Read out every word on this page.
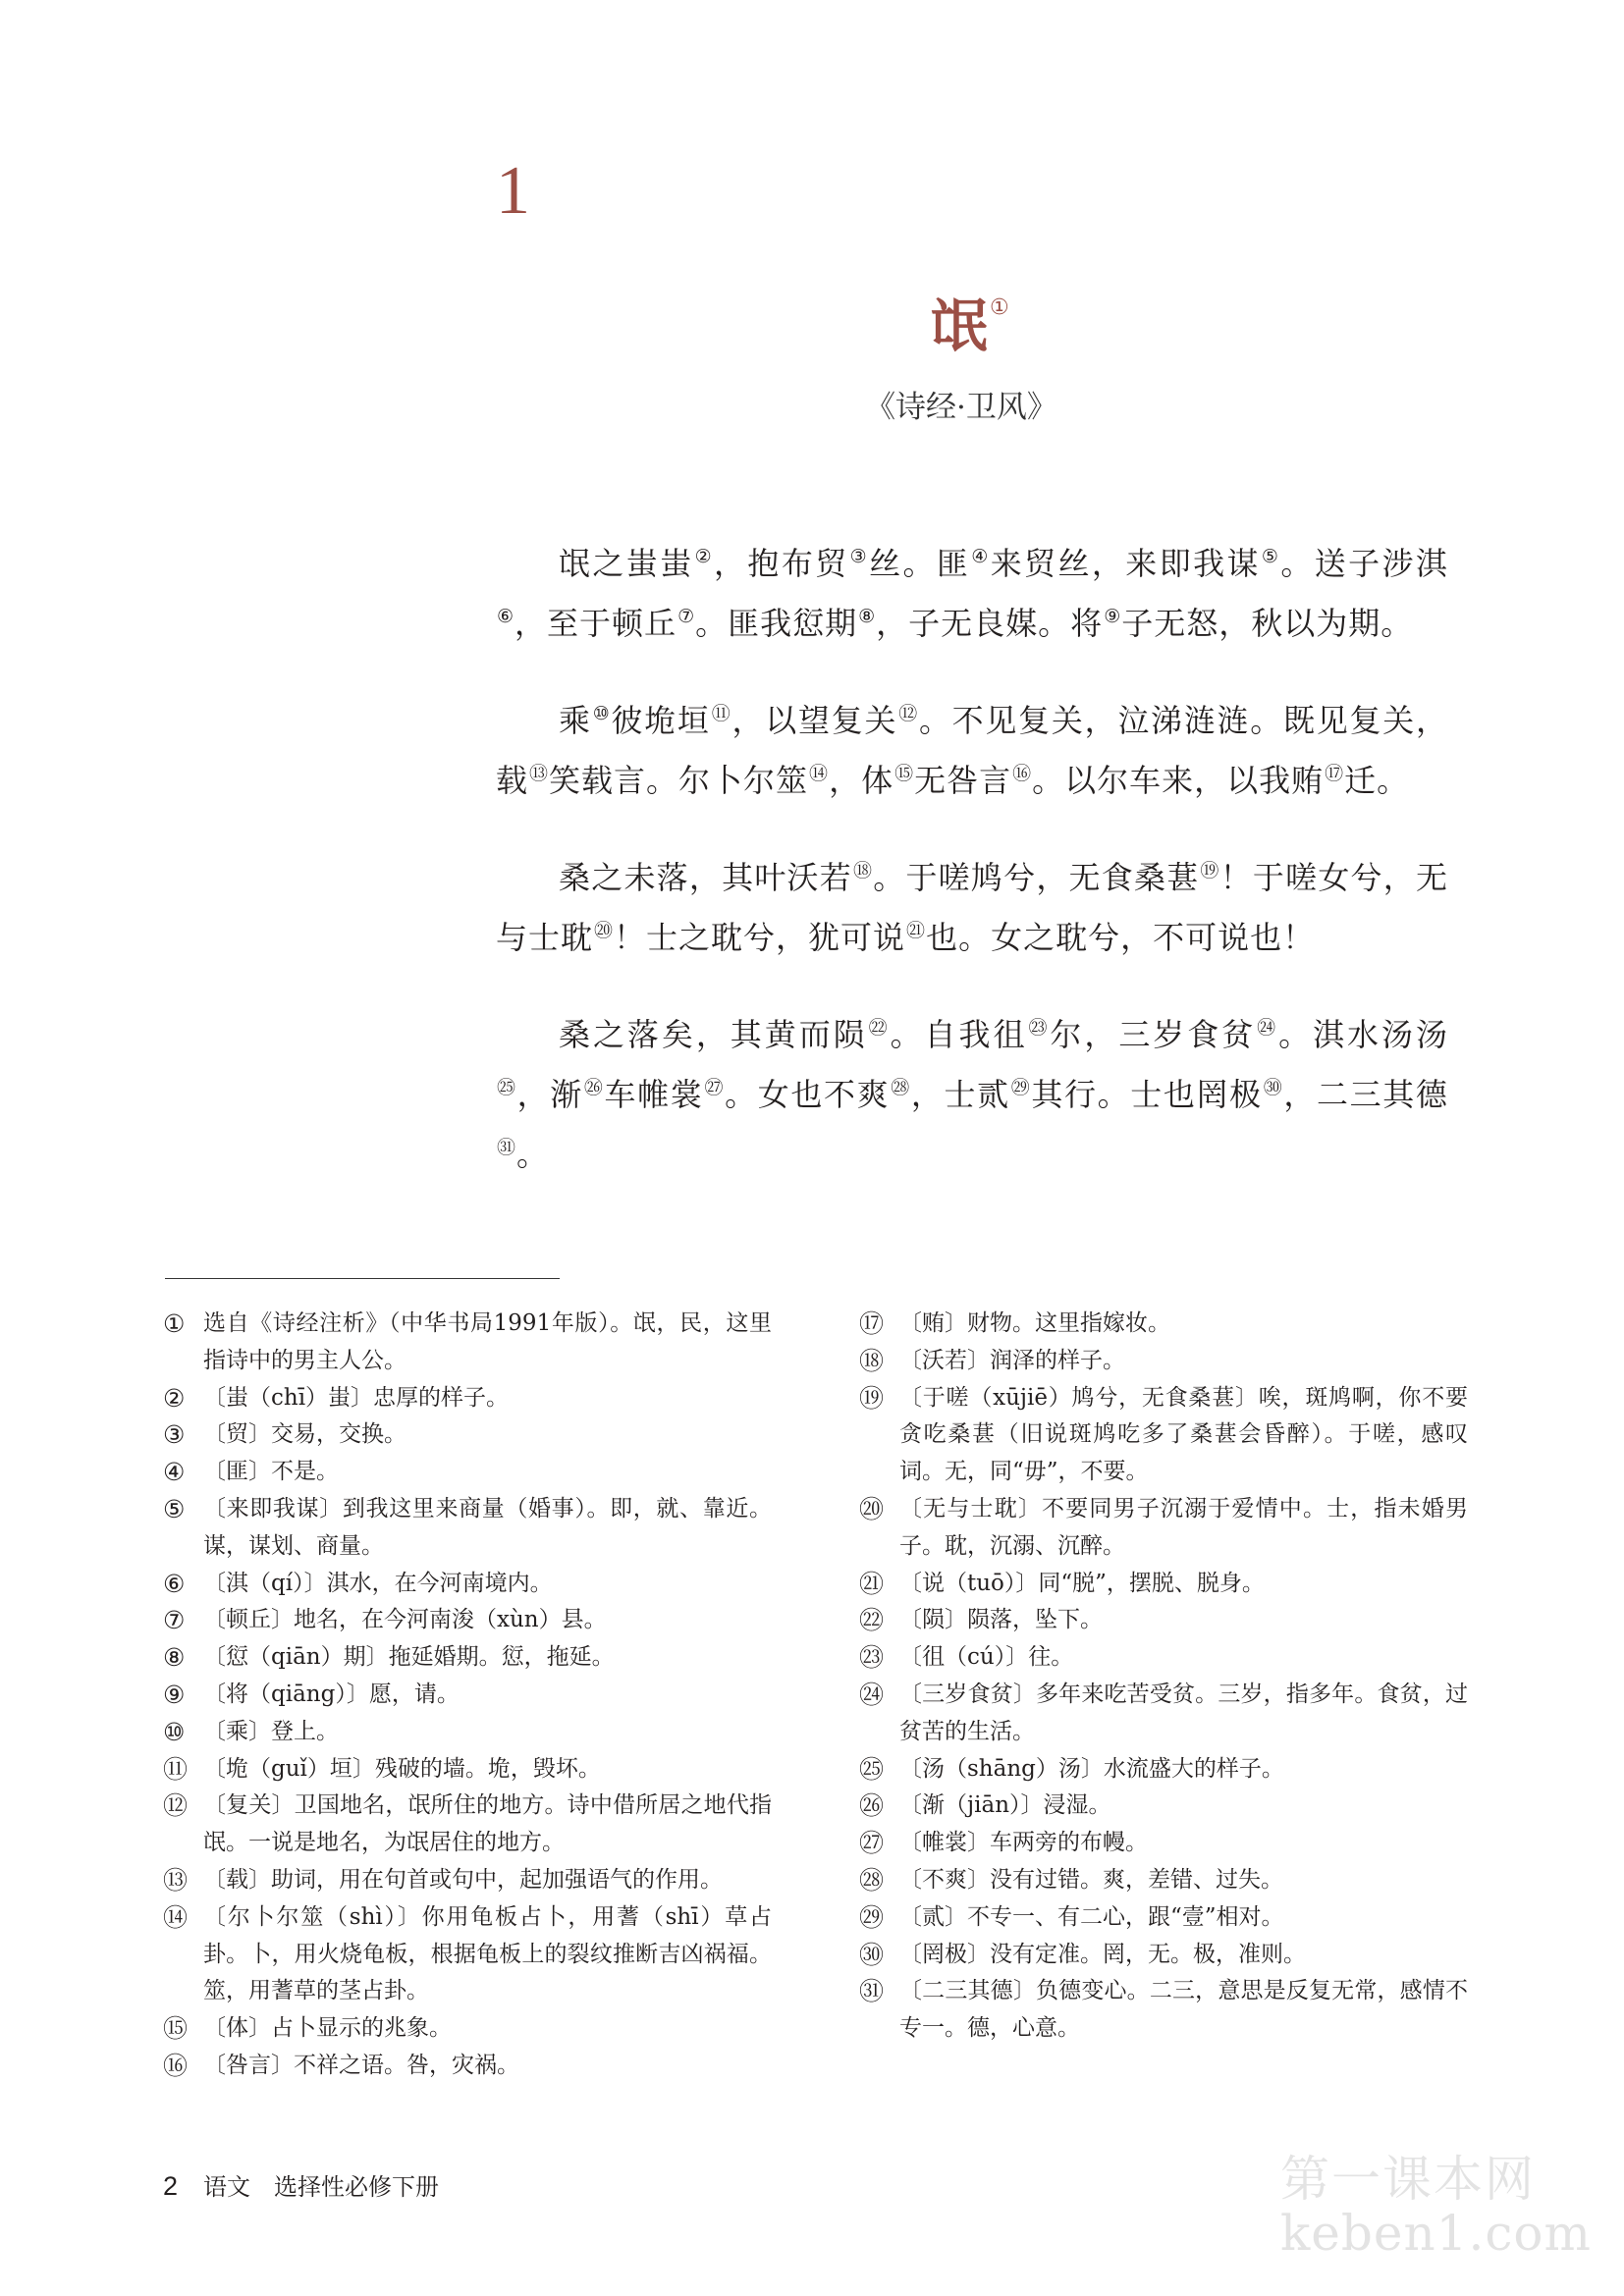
1
氓①
《诗经·卫风》

氓之蚩蚩②，抱布贸③丝。匪④来贸丝，来即我谋⑤。送子涉淇⑥，至于顿丘⑦。匪我愆期⑧，子无良媒。将⑨子无怒，秋以为期。

乘⑩彼垝垣⑪，以望复关⑫。不见复关，泣涕涟涟。既见复关，载⑬笑载言。尔卜尔筮⑭，体⑮无咎言⑯。以尔车来，以我贿⑰迁。

桑之未落，其叶沃若⑱。于嗟鸠兮，无食桑葚⑲！于嗟女兮，无与士耽⑳！士之耽兮，犹可说$^㉑$也。女之耽兮，不可说也！

桑之落矣，其黄而陨$^㉒$。自我徂$^㉓$尔，三岁食贫$^㉔$。淇水汤汤$^㉕$，渐$^㉖$车帷裳$^㉗$。女也不爽$^㉘$，士贰$^㉙$其行。士也罔极$^㉚$，二三其德$^㉛$。

① 选自《诗经注析》（中华书局1991年版）。氓，民，这里指诗中的男主人公。

② 〔蚩（chī）蚩〕忠厚的样子。

③ 〔贸〕交易，交换。

④ 〔匪〕不是。

⑤ 〔来即我谋〕到我这里来商量（婚事）。即，就、靠近。谋，谋划、商量。

⑥ 〔淇（qí）〕淇水，在今河南境内。

⑦ 〔顿丘〕地名，在今河南浚（xùn）县。

⑧ 〔愆（qiān）期〕拖延婚期。愆，拖延。

⑨ 〔将（qiāng）〕愿，请。

⑩ 〔乘〕登上。

⑪ 〔垝（guǐ）垣〕残破的墙。垝，毁坏。

⑫ 〔复关〕卫国地名，氓所住的地方。诗中借所居之地代指氓。一说是地名，为氓居住的地方。

⑬ 〔载〕助词，用在句首或句中，起加强语气的作用。

⑭ 〔尔卜尔筮（shì）〕你用龟板占卜，用蓍（shī）草占卦。卜，用火烧龟板，根据龟板上的裂纹推断吉凶祸福。筮，用蓍草的茎占卦。

⑮ 〔体〕占卜显示的兆象。

⑯ 〔咎言〕不祥之语。咎，灾祸。

⑰ 〔贿〕财物。这里指嫁妆。

⑱ 〔沃若〕润泽的样子。

⑲ 〔于嗟（xūjiē）鸠兮，无食桑葚〕唉，斑鸠啊，你不要贪吃桑葚（旧说斑鸠吃多了桑葚会昏醉）。于嗟，感叹词。无，同“毋”，不要。

⑳ 〔无与士耽〕不要同男子沉溺于爱情中。士，指未婚男子。耽，沉溺、沉醉。

㉑ 〔说（tuō）〕同“脱”，摆脱、脱身。

㉒ 〔陨〕陨落，坠下。

㉓ 〔徂（cú）〕往。

㉔ 〔三岁食贫〕多年来吃苦受贫。三岁，指多年。食贫，过贫苦的生活。

㉕ 〔汤（shāng）汤〕水流盛大的样子。

㉖ 〔渐（jiān）〕浸湿。

㉗ 〔帷裳〕车两旁的布幔。

㉘ 〔不爽〕没有过错。爽，差错、过失。

㉙ 〔贰〕不专一、有二心，跟“壹”相对。

㉚ 〔罔极〕没有定准。罔，无。极，准则。

㉛ 〔二三其德〕负德变心。二三，意思是反复无常，感情不专一。德，心意。

2 语文　选择性必修下册	第一课本网
keben1.com
